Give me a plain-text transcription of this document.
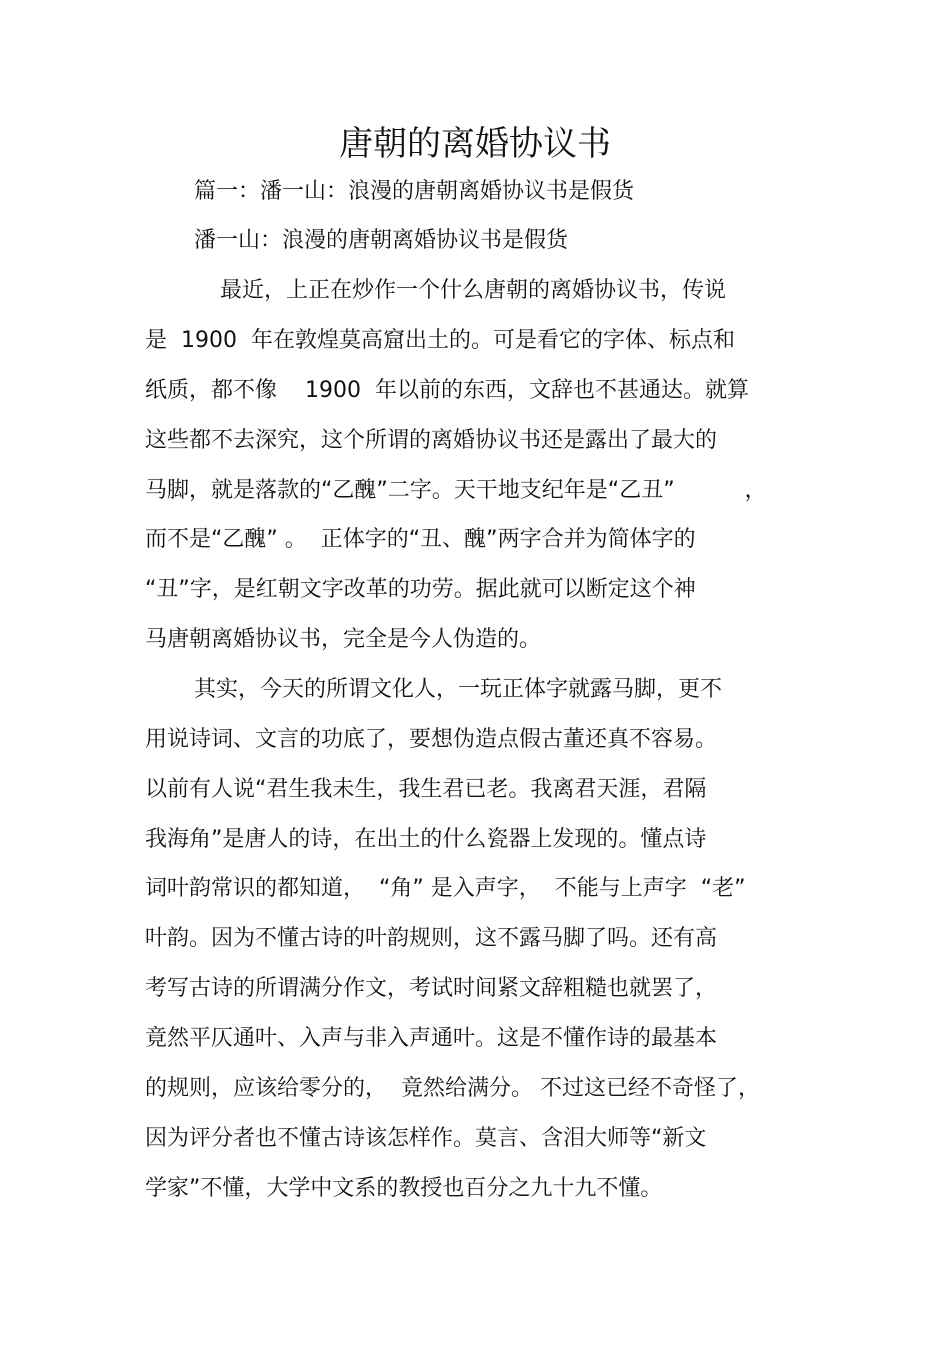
唐朝的离婚协议书
篇一：潘一山：浪漫的唐朝离婚协议书是假货
潘一山：浪漫的唐朝离婚协议书是假货
最近，上正在炒作一个什么唐朝的离婚协议书，传说
是  1900  年在敦煌莫高窟出土的。可是看它的字体、标点和
纸质，都不像    1900  年以前的东西，文辞也不甚通达。就算
这些都不去深究，这个所谓的离婚协议书还是露出了最大的
马脚，就是落款的“乙醜”二字。天干地支纪年是“乙丑”          ，
而不是“乙醜” 。  正体字的“丑、醜”两字合并为简体字的
“丑”字，是红朝文字改革的功劳。据此就可以断定这个神
马唐朝离婚协议书，完全是今人伪造的。
其实，今天的所谓文化人，一玩正体字就露马脚，更不
用说诗词、文言的功底了，要想伪造点假古董还真不容易。
以前有人说“君生我未生，我生君已老。我离君天涯，君隔
我海角”是唐人的诗，在出土的什么瓷器上发现的。懂点诗
词叶韵常识的都知道，  “角” 是入声字，  不能与上声字  “老”
叶韵。因为不懂古诗的叶韵规则，这不露马脚了吗。还有高
考写古诗的所谓满分作文，考试时间紧文辞粗糙也就罢了，
竟然平仄通叶、入声与非入声通叶。这是不懂作诗的最基本
的规则，应该给零分的，  竟然给满分。 不过这已经不奇怪了，
因为评分者也不懂古诗该怎样作。莫言、含泪大师等“新文
学家”不懂，大学中文系的教授也百分之九十九不懂。
